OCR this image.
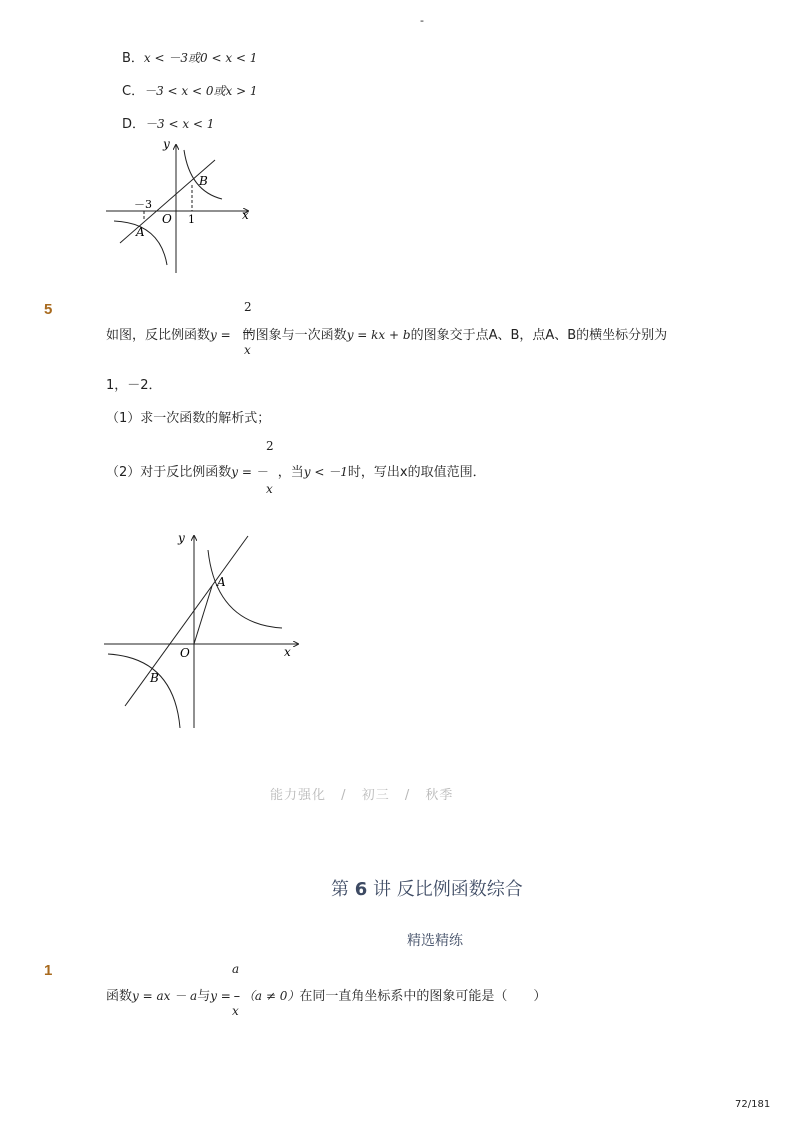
-
B．x < －3或0 < x < 1
C．－3 < x < 0或x > 1
D．－3 < x < 1
y
x
O
－3
1
A
B
5
如图，反比例函数y = 的图象与一次函数y = kx + b的图象交于点A、B，点A、B的横坐标分别为
2
x
1，－2．
（1）求一次函数的解析式；
（2）对于反比例函数y = － ，当y < －1时，写出x的取值范围．
2
x
y
x
O
A
B
能力强化 / 初三 / 秋季
第 6 讲 反比例函数综合
精选精练
1
函数y = ax － a与y = – （a ≠ 0）在同一直角坐标系中的图象可能是（　　）
a
x
72/181
